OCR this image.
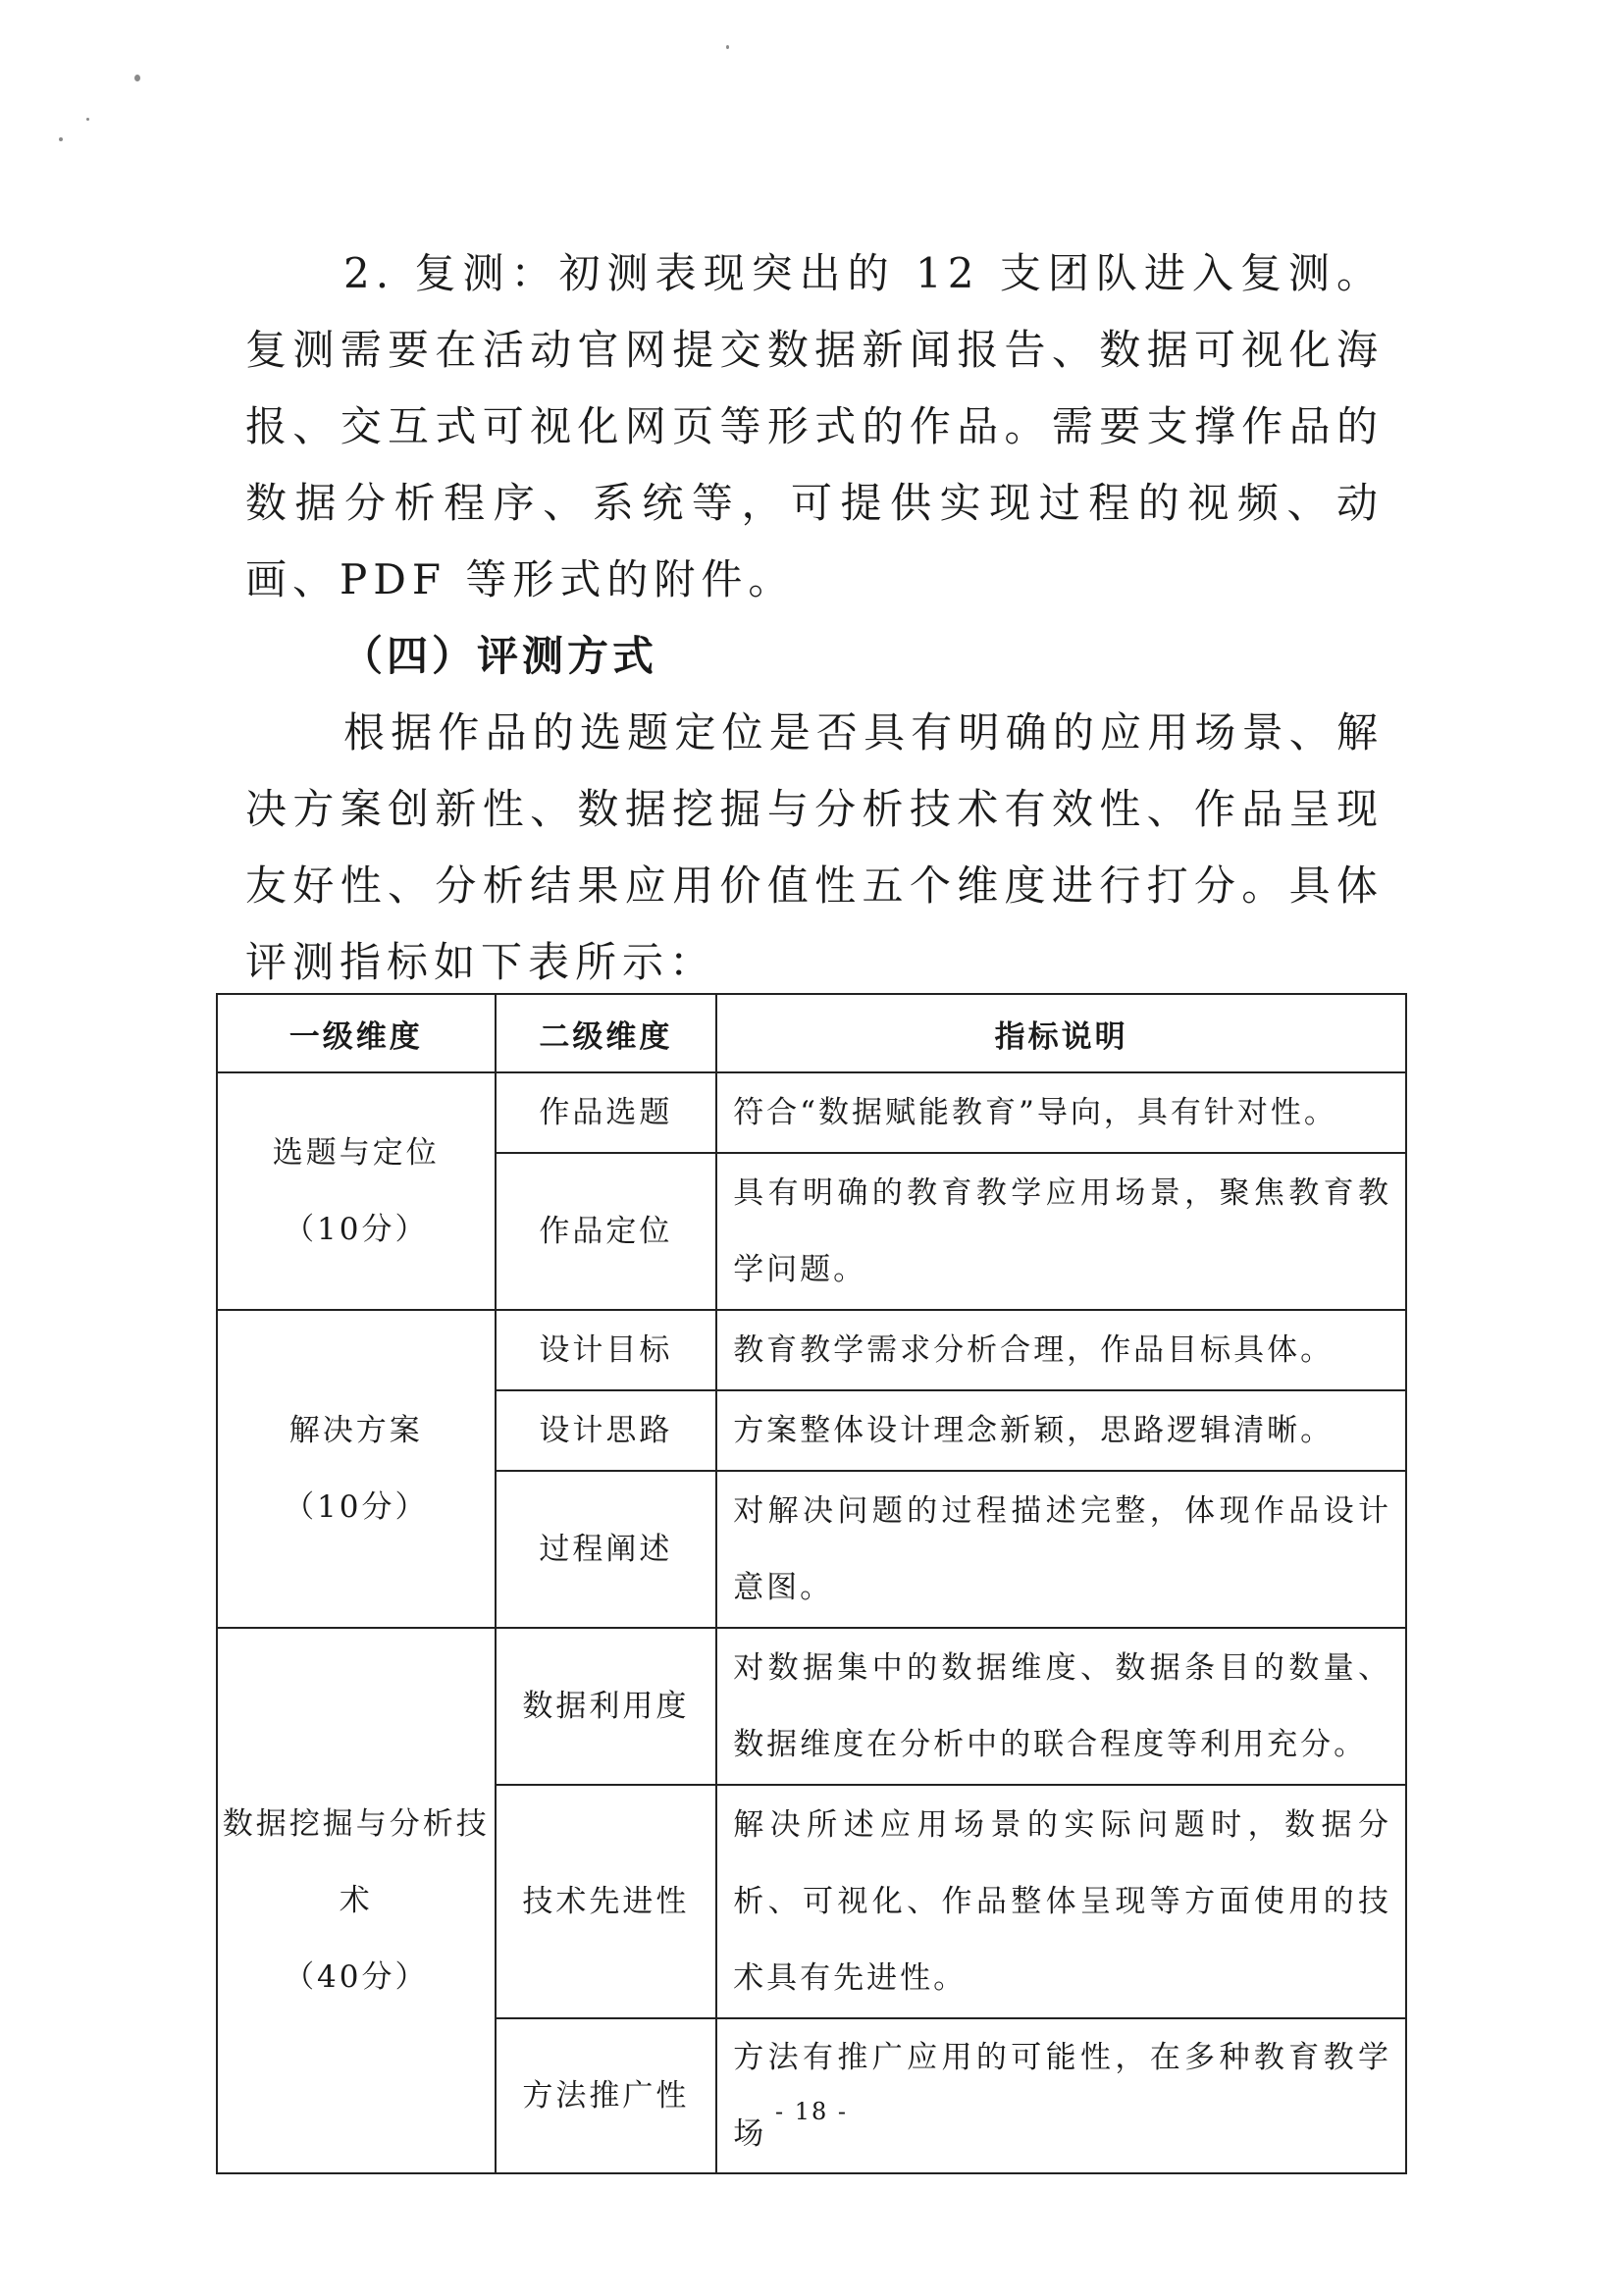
2. 复测：初测表现突出的 12 支团队进入复测。复测需要在活动官网提交数据新闻报告、数据可视化海报、交互式可视化网页等形式的作品。需要支撑作品的数据分析程序、系统等，可提供实现过程的视频、动画、PDF 等形式的附件。

（四）评测方式

根据作品的选题定位是否具有明确的应用场景、解决方案创新性、数据挖掘与分析技术有效性、作品呈现友好性、分析结果应用价值性五个维度进行打分。具体评测指标如下表所示：

一级维度	二级维度	指标说明

选题与定位
（10分）	作品选题	符合“数据赋能教育”导向，具有针对性。
	作品定位	具有明确的教育教学应用场景，聚焦教育教学问题。

解决方案
（10分）	设计目标	教育教学需求分析合理，作品目标具体。
	设计思路	方案整体设计理念新颖，思路逻辑清晰。
	过程阐述	对解决问题的过程描述完整，体现作品设计意图。

数据挖掘与分析技术
（40分）	数据利用度	对数据集中的数据维度、数据条目的数量、数据维度在分析中的联合程度等利用充分。
	技术先进性	解决所述应用场景的实际问题时，数据分析、可视化、作品整体呈现等方面使用的技术具有先进性。
	方法推广性	方法有推广应用的可能性，在多种教育教学场
- 18 -
